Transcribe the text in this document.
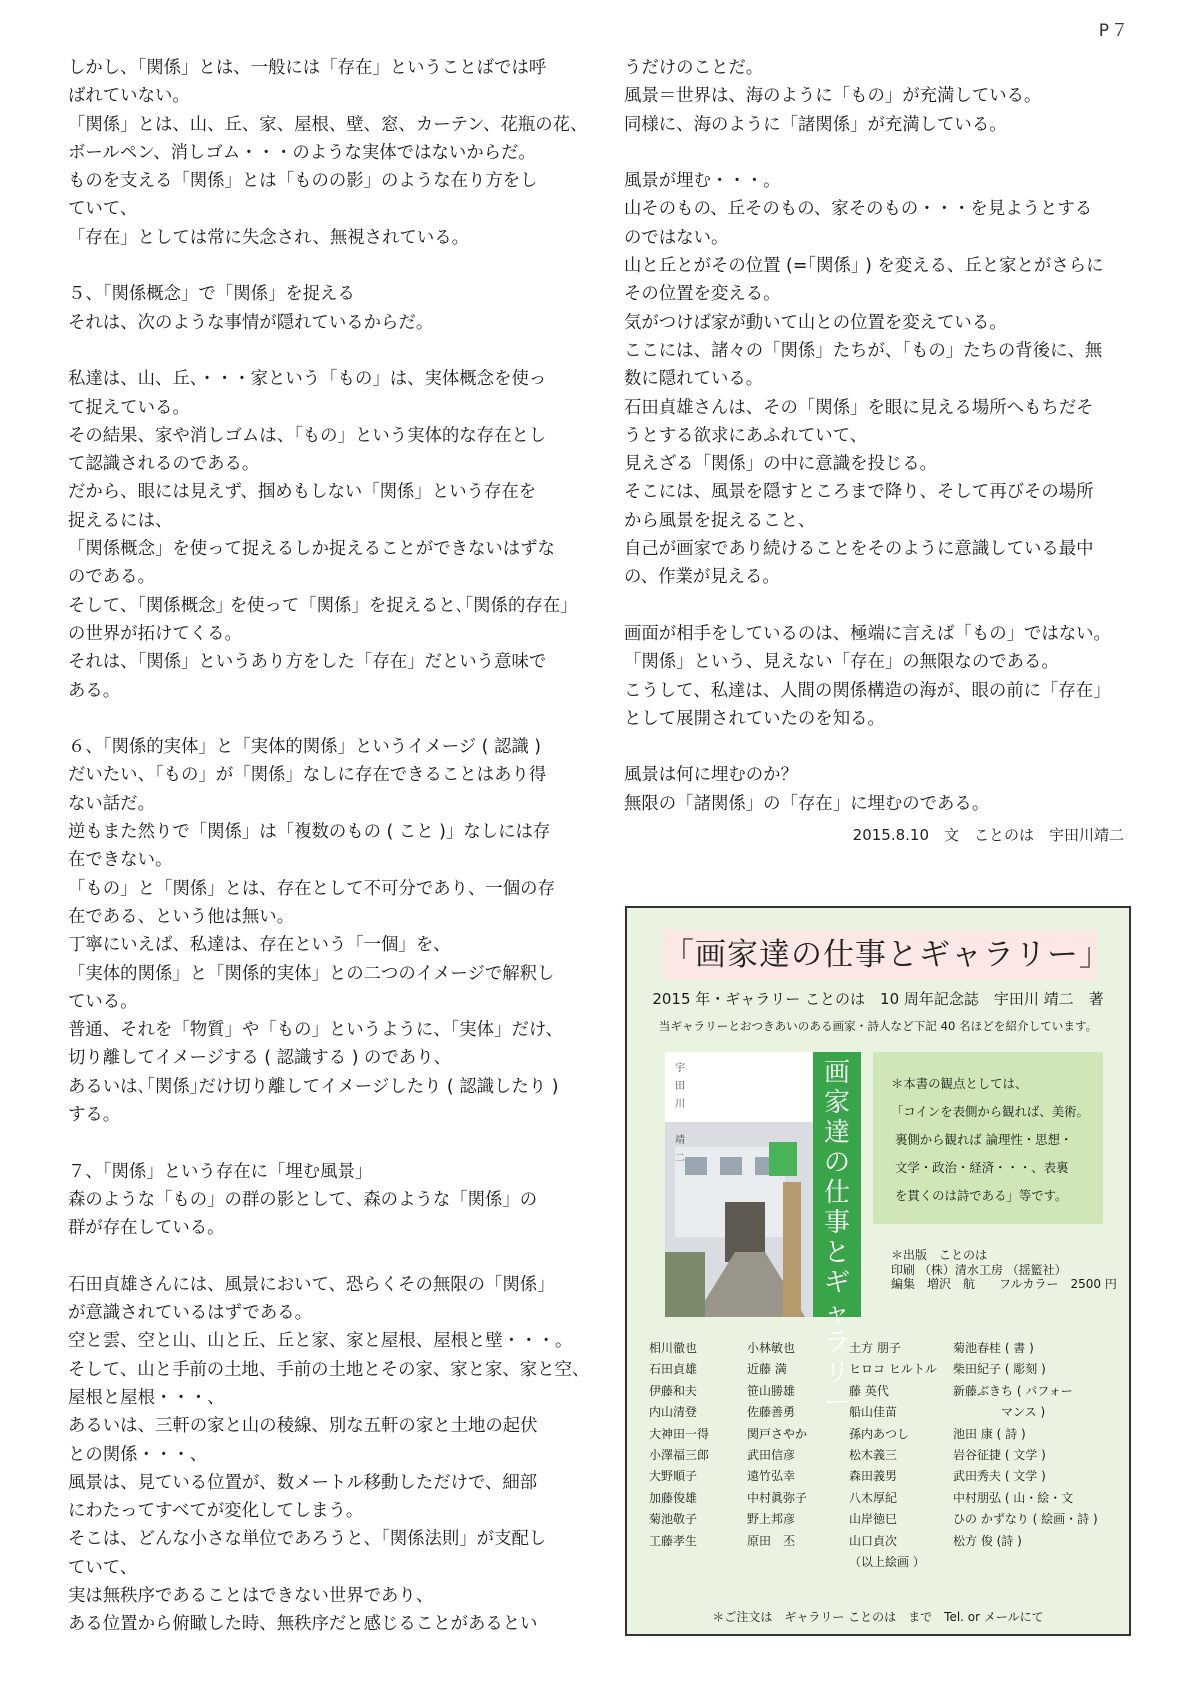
P７
しかし、「関係」とは、一般には「存在」ということばでは呼
ばれていない。
「関係」とは、山、丘、家、屋根、壁、窓、カーテン、花瓶の花、
ボールペン、消しゴム・・・のような実体ではないからだ。
ものを支える「関係」とは「ものの影」のような在り方をし
ていて、
「存在」としては常に失念され、無視されている。
５、「関係概念」で「関係」を捉える
それは、次のような事情が隠れているからだ。
私達は、山、丘、・・・家という「もの」は、実体概念を使っ
て捉えている。
その結果、家や消しゴムは、「もの」という実体的な存在とし
て認識されるのである。
だから、眼には見えず、掴めもしない「関係」という存在を
捉えるには、
「関係概念」を使って捉えるしか捉えることができないはずな
のである。
そして、｢関係概念｣ を使って「関係」を捉えると､｢関係的存在｣
の世界が拓けてくる。
それは、「関係」というあり方をした「存在」だという意味で
ある。
６、「関係的実体」と「実体的関係」というイメージ ( 認識 )
だいたい、「もの」が「関係」なしに存在できることはあり得
ない話だ。
逆もまた然りで「関係」は「複数のもの ( こと )」なしには存
在できない。
「もの」と「関係」とは、存在として不可分であり、一個の存
在である、という他は無い。
丁寧にいえば、私達は、存在という「一個」を、
「実体的関係」と「関係的実体」との二つのイメージで解釈し
ている。
普通、それを「物質」や「もの」というように、「実体」だけ、
切り離してイメージする ( 認識する ) のであり、
あるいは､｢関係｣だけ切り離してイメージしたり ( 認識したり )
する。
７、「関係」という存在に「埋む風景」
森のような「もの」の群の影として、森のような「関係」の
群が存在している。
石田貞雄さんには、風景において、恐らくその無限の「関係」
が意識されているはずである。
空と雲、空と山、山と丘、丘と家、家と屋根、屋根と壁・・・。
そして、山と手前の土地、手前の土地とその家、家と家、家と空、
屋根と屋根・・・、
あるいは、三軒の家と山の稜線、別な五軒の家と土地の起伏
との関係・・・、
風景は、見ている位置が、数メートル移動しただけで、細部
にわたってすべてが変化してしまう。
そこは、どんな小さな単位であろうと、「関係法則」が支配し
ていて、
実は無秩序であることはできない世界であり、
ある位置から俯瞰した時、無秩序だと感じることがあるとい
うだけのことだ。
風景＝世界は、海のように「もの」が充満している。
同様に、海のように「諸関係」が充満している。
風景が埋む・・・。
山そのもの、丘そのもの、家そのもの・・・を見ようとする
のではない。
山と丘とがその位置 (=｢関係｣ ) を変える、丘と家とがさらに
その位置を変える。
気がつけば家が動いて山との位置を変えている。
ここには、諸々の「関係」たちが、「もの」たちの背後に、無
数に隠れている。
石田貞雄さんは、その「関係」を眼に見える場所へもちだそ
うとする欲求にあふれていて、
見えざる「関係」の中に意識を投じる。
そこには、風景を隠すところまで降り、そして再びその場所
から風景を捉えること、
自己が画家であり続けることをそのように意識している最中
の、作業が見える。
画面が相手をしているのは、極端に言えば「もの」ではない。
「関係」という、見えない「存在」の無限なのである。
こうして、私達は、人間の関係構造の海が、眼の前に「存在」
として展開されていたのを知る。
風景は何に埋むのか？
無限の「諸関係」の「存在」に埋むのである。
2015.8.10　文　ことのは　宇田川靖二
「画家達の仕事とギャラリー」
2015 年・ギャラリー ことのは　10 周年記念誌　宇田川 靖二　著
当ギャラリーとおつきあいのある画家・詩人など下記 40 名ほどを紹介しています。
宇
田
川

靖
二
画家達の仕事とギャラリー
＊本書の観点としては、
「コインを表側から観れば、美術。
裏側から観れば 論理性・思想・
文学・政治・経済・・・、表裏
を貫くのは詩である」等です。
＊出版　ことのは
印刷 （株）清水工房 （揺籃社）
編集　増沢　航　　フルカラー　2500 円
相川徹也
石田貞雄
伊藤和夫
内山清登
大神田一得
小澤福三郎
大野順子
加藤俊雄
菊池敬子
工藤孝生
小林敏也
近藤 満
笹山勝雄
佐藤善勇
関戸さやか
武田信彦
遠竹弘幸
中村眞弥子
野上邦彦
原田　丕
土方 朋子
ヒロコ ヒルトル
藤 英代
船山佳苗
孫内あつし
松木義三
森田義男
八木厚紀
山岸徳巳
山口貞次
（以上絵画 ）
菊池春桂 ( 書 )
柴田紀子 ( 彫刻 )
新藤ぶきち ( パフォー
　　　　マンス )
池田 康 ( 詩 )
岩谷征捷 ( 文学 )
武田秀夫 ( 文学 )
中村朋弘 ( 山・絵・文
ひの かずなり ( 絵画・詩 )
松方 俊 (詩 )
＊ご注文は　ギャラリー ことのは　まで　Tel. or メールにて
